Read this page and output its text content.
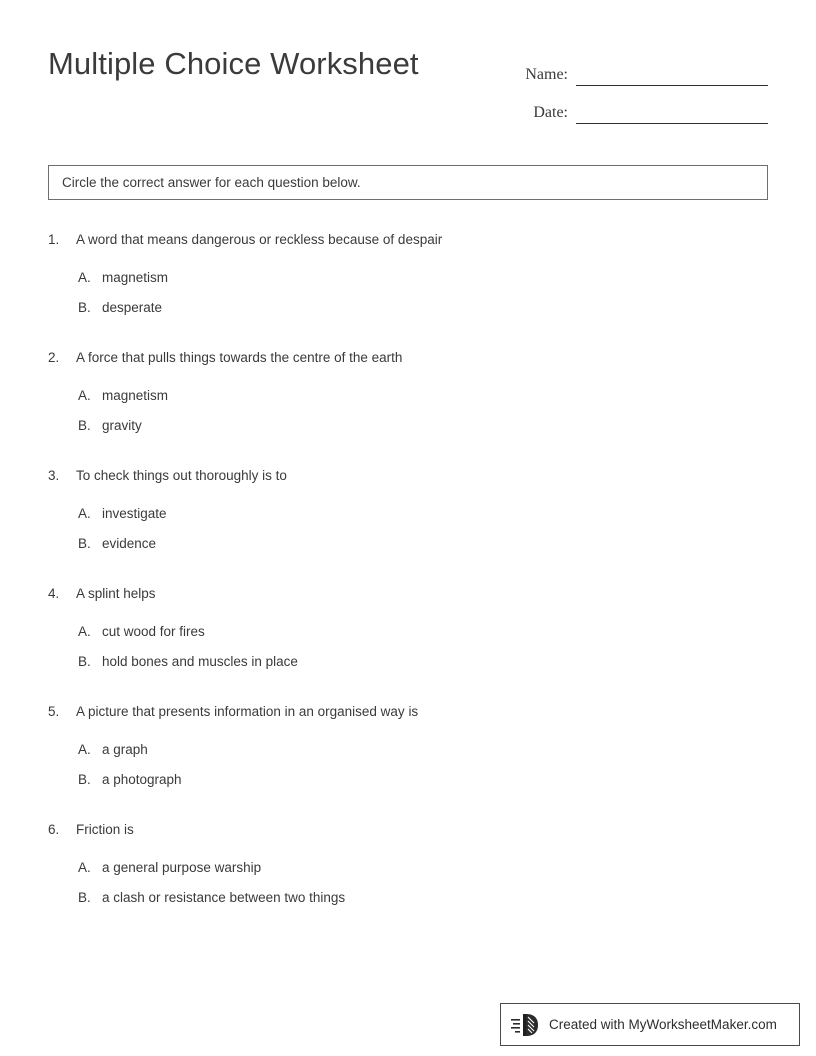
Multiple Choice Worksheet	Name:
Date:
Circle the correct answer for each question below.
1.	A word that means dangerous or reckless because of despair
A. magnetism
B. desperate
2.	A force that pulls things towards the centre of the earth
A. magnetism
B. gravity
3.	To check things out thoroughly is to
A. investigate
B. evidence
4.	A splint helps
A. cut wood for fires
B. hold bones and muscles in place
5.	A picture that presents information in an organised way is
A. a graph
B. a photograph
6.	Friction is
A. a general purpose warship
B. a clash or resistance between two things
Created with MyWorksheetMaker.com
